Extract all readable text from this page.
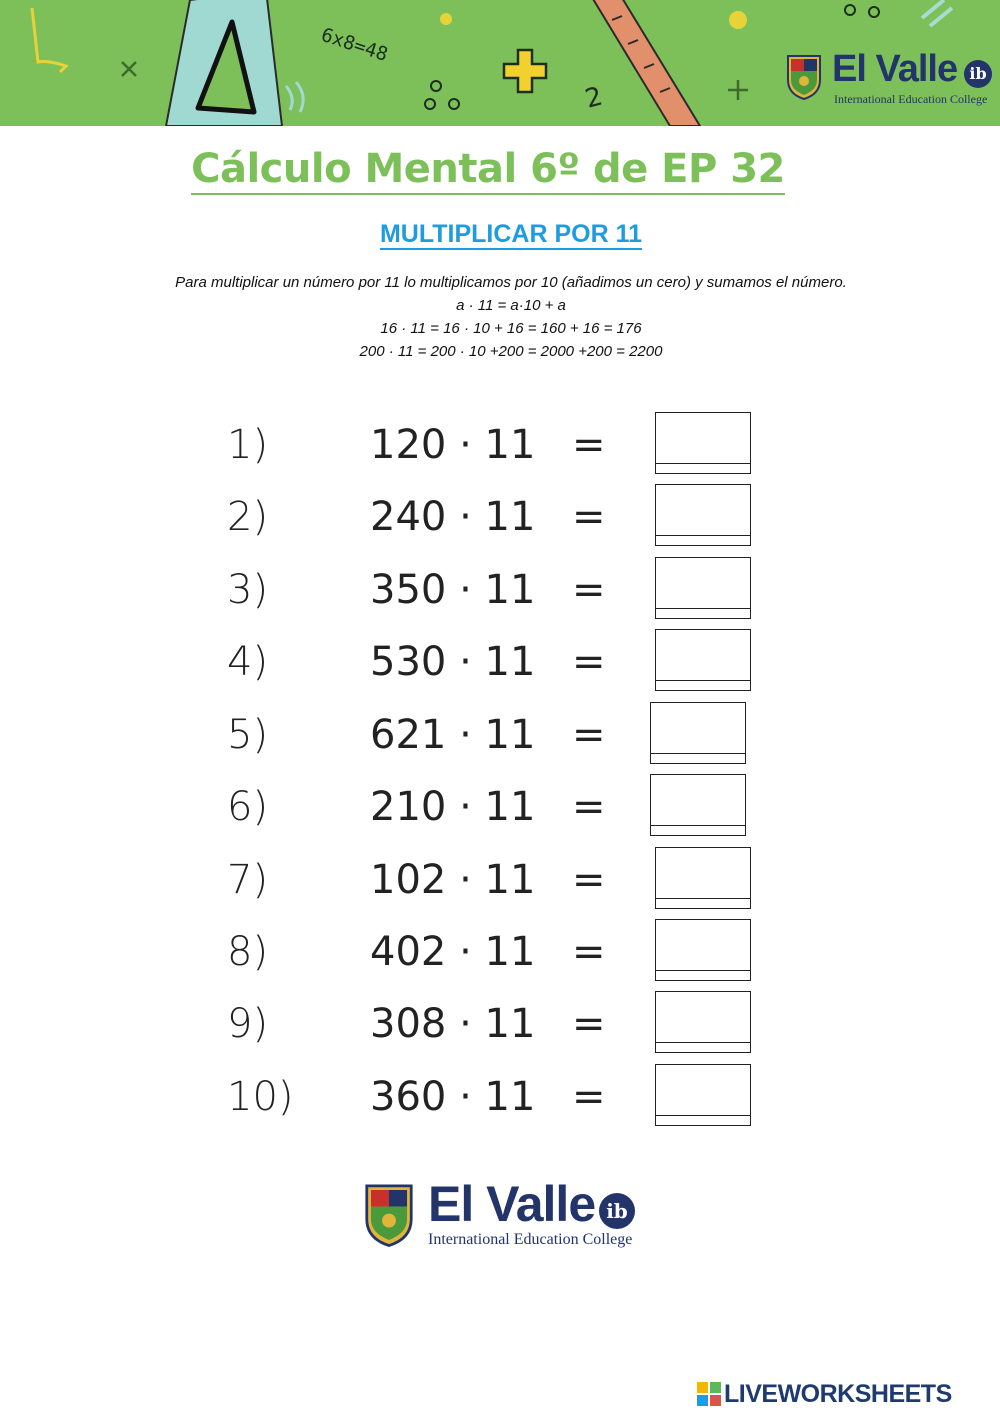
6x8=48
2
El Valle ib
International Education College
Cálculo Mental 6º de EP 32
MULTIPLICAR POR 11
Para multiplicar un número por 11 lo multiplicamos por 10 (añadimos un cero) y sumamos el número.
a · 11 = a·10 + a
16 · 11 = 16 · 10 + 16 = 160 + 16 = 176
200 · 11 = 200 · 10 +200 = 2000 +200 = 2200
1)	120 · 11 =
2)	240 · 11 =
3)	350 · 11 =
4)	530 · 11 =
5)	621 · 11 =
6)	210 · 11 =
7)	102 · 11 =
8)	402 · 11 =
9)	308 · 11 =
10) 360 · 11 =
El Valle ib
International Education College
LIVEWORKSHEETS
